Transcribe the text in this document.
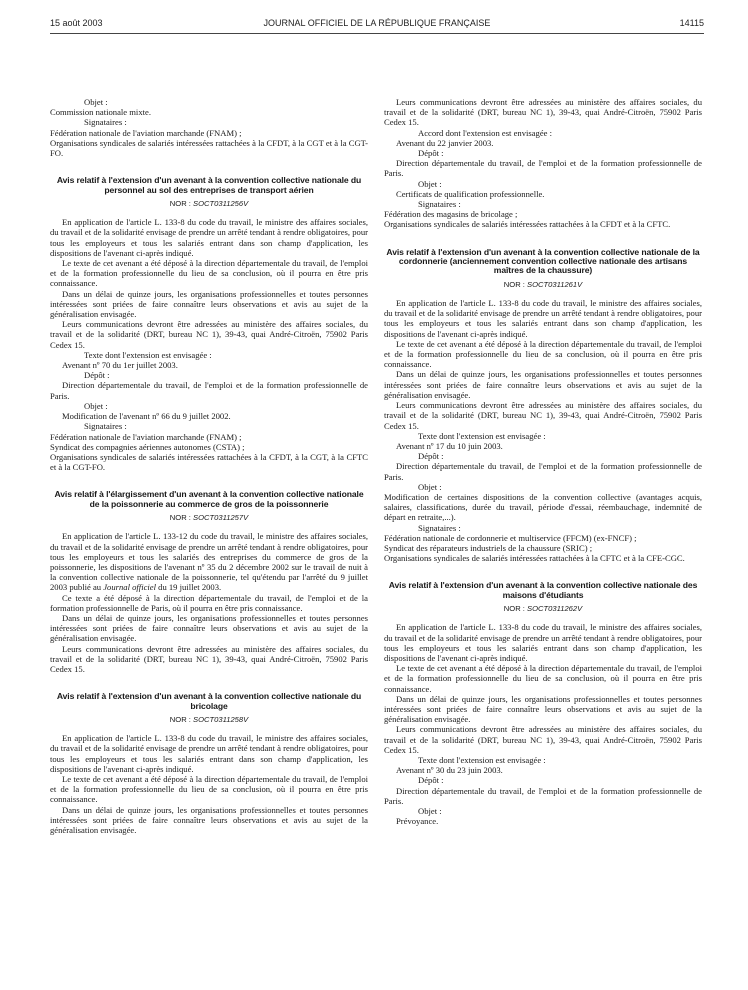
15 août 2003	JOURNAL OFFICIEL DE LA RÉPUBLIQUE FRANÇAISE	14115

Objet :

Commission nationale mixte.

Signataires :

Fédération nationale de l'aviation marchande (FNAM) ;

Organisations syndicales de salariés intéressées rattachées à la CFDT, à la CGT et à la CGT-FO.

Avis relatif à l'extension d'un avenant à la convention collective nationale du personnel au sol des entreprises de transport aérien
NOR : SOCT0311256V

En application de l'article L. 133-8 du code du travail, le ministre des affaires sociales, du travail et de la solidarité envisage de prendre un arrêté tendant à rendre obligatoires, pour tous les employeurs et tous les salariés entrant dans son champ d'application, les dispositions de l'avenant ci-après indiqué.

Le texte de cet avenant a été déposé à la direction départementale du travail, de l'emploi et de la formation professionnelle du lieu de sa conclusion, où il pourra en être pris connaissance.

Dans un délai de quinze jours, les organisations professionnelles et toutes personnes intéressées sont priées de faire connaître leurs observations et avis au sujet de la généralisation envisagée.

Leurs communications devront être adressées au ministère des affaires sociales, du travail et de la solidarité (DRT, bureau NC 1), 39-43, quai André-Citroën, 75902 Paris Cedex 15.

Texte dont l'extension est envisagée :

Avenant nº 70 du 1er juillet 2003.

Dépôt :

Direction départementale du travail, de l'emploi et de la formation professionnelle de Paris.

Objet :

Modification de l'avenant nº 66 du 9 juillet 2002.

Signataires :

Fédération nationale de l'aviation marchande (FNAM) ;

Syndicat des compagnies aériennes autonomes (CSTA) ;

Organisations syndicales de salariés intéressées rattachées à la CFDT, à la CGT, à la CFTC et à la CGT-FO.

Avis relatif à l'élargissement d'un avenant à la convention collective nationale de la poissonnerie au commerce de gros de la poissonnerie
NOR : SOCT0311257V

En application de l'article L. 133-12 du code du travail, le ministre des affaires sociales, du travail et de la solidarité envisage de prendre un arrêté tendant à rendre obligatoires, pour tous les employeurs et tous les salariés des entreprises du commerce de gros de la poissonnerie, les dispositions de l'avenant nº 35 du 2 décembre 2002 sur le travail de nuit à la convention collective nationale de la poissonnerie, tel qu'étendu par l'arrêté du 9 juillet 2003 publié au Journal officiel du 19 juillet 2003.

Ce texte a été déposé à la direction départementale du travail, de l'emploi et de la formation professionnelle de Paris, où il pourra en être pris connaissance.

Dans un délai de quinze jours, les organisations professionnelles et toutes personnes intéressées sont priées de faire connaître leurs observations et avis au sujet de la généralisation envisagée.

Leurs communications devront être adressées au ministère des affaires sociales, du travail et de la solidarité (DRT, bureau NC 1), 39-43, quai André-Citroën, 75902 Paris Cedex 15.

Avis relatif à l'extension d'un avenant à la convention collective nationale du bricolage
NOR : SOCT0311258V

En application de l'article L. 133-8 du code du travail, le ministre des affaires sociales, du travail et de la solidarité envisage de prendre un arrêté tendant à rendre obligatoires, pour tous les employeurs et tous les salariés entrant dans son champ d'application, les dispositions de l'avenant ci-après indiqué.

Le texte de cet avenant a été déposé à la direction départementale du travail, de l'emploi et de la formation professionnelle du lieu de sa conclusion, où il pourra en être pris connaissance.

Dans un délai de quinze jours, les organisations professionnelles et toutes personnes intéressées sont priées de faire connaître leurs observations et avis au sujet de la généralisation envisagée.

Leurs communications devront être adressées au ministère des affaires sociales, du travail et de la solidarité (DRT, bureau NC 1), 39-43, quai André-Citroën, 75902 Paris Cedex 15.

Accord dont l'extension est envisagée :

Avenant du 22 janvier 2003.

Dépôt :

Direction départementale du travail, de l'emploi et de la formation professionnelle de Paris.

Objet :

Certificats de qualification professionnelle.

Signataires :

Fédération des magasins de bricolage ;

Organisations syndicales de salariés intéressées rattachées à la CFDT et à la CFTC.

Avis relatif à l'extension d'un avenant à la convention collective nationale de la cordonnerie (anciennement convention collective nationale des artisans maîtres de la chaussure)
NOR : SOCT0311261V

En application de l'article L. 133-8 du code du travail, le ministre des affaires sociales, du travail et de la solidarité envisage de prendre un arrêté tendant à rendre obligatoires, pour tous les employeurs et tous les salariés entrant dans son champ d'application, les dispositions de l'avenant ci-après indiqué.

Le texte de cet avenant a été déposé à la direction départementale du travail, de l'emploi et de la formation professionnelle du lieu de sa conclusion, où il pourra en être pris connaissance.

Dans un délai de quinze jours, les organisations professionnelles et toutes personnes intéressées sont priées de faire connaître leurs observations et avis au sujet de la généralisation envisagée.

Leurs communications devront être adressées au ministère des affaires sociales, du travail et de la solidarité (DRT, bureau NC 1), 39-43, quai André-Citroën, 75902 Paris Cedex 15.

Texte dont l'extension est envisagée :

Avenant nº 17 du 10 juin 2003.

Dépôt :

Direction départementale du travail, de l'emploi et de la formation professionnelle de Paris.

Objet :

Modification de certaines dispositions de la convention collective (avantages acquis, salaires, classifications, durée du travail, période d'essai, réembauchage, indemnité de départ en retraite,...).

Signataires :

Fédération nationale de cordonnerie et multiservice (FFCM) (ex-FNCF) ;

Syndicat des réparateurs industriels de la chaussure (SRIC) ;

Organisations syndicales de salariés intéressées rattachées à la CFTC et à la CFE-CGC.

Avis relatif à l'extension d'un avenant à la convention collective nationale des maisons d'étudiants
NOR : SOCT0311262V

En application de l'article L. 133-8 du code du travail, le ministre des affaires sociales, du travail et de la solidarité envisage de prendre un arrêté tendant à rendre obligatoires, pour tous les employeurs et tous les salariés entrant dans son champ d'application, les dispositions de l'avenant ci-après indiqué.

Le texte de cet avenant a été déposé à la direction départementale du travail, de l'emploi et de la formation professionnelle du lieu de sa conclusion, où il pourra en être pris connaissance.

Dans un délai de quinze jours, les organisations professionnelles et toutes personnes intéressées sont priées de faire connaître leurs observations et avis au sujet de la généralisation envisagée.

Leurs communications devront être adressées au ministère des affaires sociales, du travail et de la solidarité (DRT, bureau NC 1), 39-43, quai André-Citroën, 75902 Paris Cedex 15.

Texte dont l'extension est envisagée :

Avenant nº 30 du 23 juin 2003.

Dépôt :

Direction départementale du travail, de l'emploi et de la formation professionnelle de Paris.

Objet :

Prévoyance.
